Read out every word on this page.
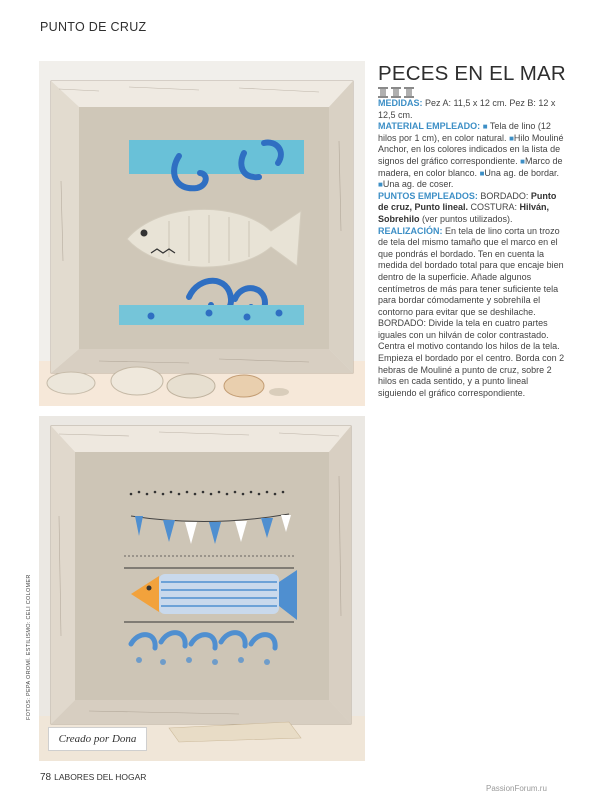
PUNTO DE CRUZ
FOTOS: PEPA OROMÍ. ESTILISMO: CELI COLOMER
Creado por Dona
PECES EN EL MAR

MEDIDAS: Pez A: 11,5 x 12 cm. Pez B: 12 x 12,5 cm.

MATERIAL EMPLEADO: ■ Tela de lino (12 hilos por 1 cm), en color natural. ■Hilo Mouliné Anchor, en los colores indicados en la lista de signos del gráfico correspondiente. ■Marco de madera, en color blanco. ■Una ag. de bordar. ■Una ag. de coser.

PUNTOS EMPLEADOS: BORDADO: Punto de cruz, Punto lineal. COSTURA: Hilván, Sobrehilo (ver puntos utilizados).

REALIZACIÓN: En tela de lino corta un trozo de tela del mismo tamaño que el marco en el que pondrás el bordado. Ten en cuenta la medida del bordado total para que encaje bien dentro de la superficie. Añade algunos centímetros de más para tener suficiente tela para bordar cómodamente y sobrehíla el contorno para evitar que se deshilache. BORDADO: Divide la tela en cuatro partes iguales con un hilván de color contrastado. Centra el motivo contando los hilos de la tela. Empieza el bordado por el centro. Borda con 2 hebras de Mouliné a punto de cruz, sobre 2 hilos en cada sentido, y a punto lineal siguiendo el gráfico correspondiente.

78 LABORES DEL HOGAR
PassionForum.ru
